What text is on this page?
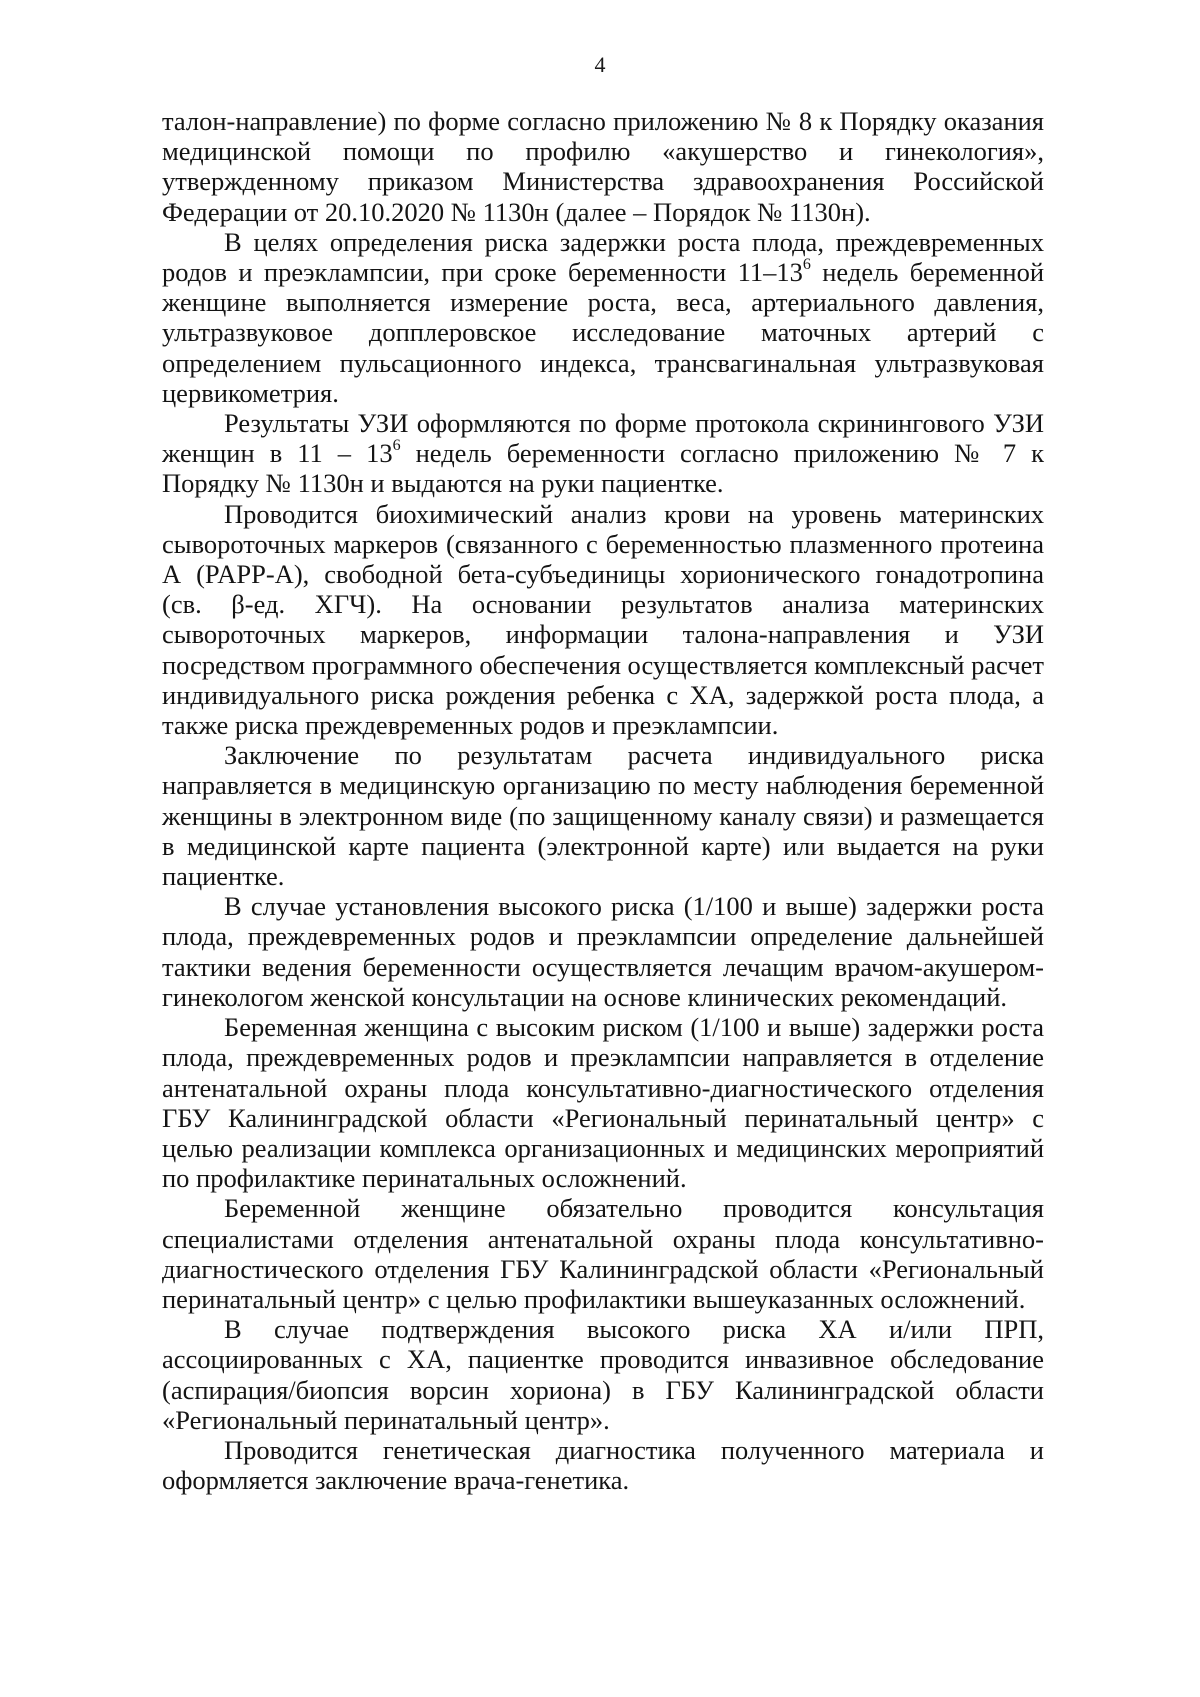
4

талон-направление) по форме согласно приложению № 8 к Порядку оказания медицинской помощи по профилю «акушерство и гинекология», утвержденному приказом Министерства здравоохранения Российской Федерации от 20.10.2020 № 1130н (далее – Порядок № 1130н).

В целях определения риска задержки роста плода, преждевременных родов и преэклампсии, при сроке беременности $11-13^6$ недель беременной женщине выполняется измерение роста, веса, артериального давления, ультразвуковое допплеровское исследование маточных артерий с определением пульсационного индекса, трансвагинальная ультразвуковая цервикометрия.

Результаты УЗИ оформляются по форме протокола скринингового УЗИ женщин в $11 - 13^6$ недель беременности согласно приложению № 7 к Порядку № 1130н и выдаются на руки пациентке.

Проводится биохимический анализ крови на уровень материнских сывороточных маркеров (связанного с беременностью плазменного протеина А (PAPP-A), свободной бета-субъединицы хорионического гонадотропина (св. β-ед. ХГЧ). На основании результатов анализа материнских сывороточных маркеров, информации талона-направления и УЗИ посредством программного обеспечения осуществляется комплексный расчет индивидуального риска рождения ребенка с ХА, задержкой роста плода, а также риска преждевременных родов и преэклампсии.

Заключение по результатам расчета индивидуального риска направляется в медицинскую организацию по месту наблюдения беременной женщины в электронном виде (по защищенному каналу связи) и размещается в медицинской карте пациента (электронной карте) или выдается на руки пациентке.

В случае установления высокого риска (1/100 и выше) задержки роста плода, преждевременных родов и преэклампсии определение дальнейшей тактики ведения беременности осуществляется лечащим врачом-акушером-гинекологом женской консультации на основе клинических рекомендаций.

Беременная женщина с высоким риском (1/100 и выше) задержки роста плода, преждевременных родов и преэклампсии направляется в отделение антенатальной охраны плода консультативно-диагностического отделения ГБУ Калининградской области «Региональный перинатальный центр» с целью реализации комплекса организационных и медицинских мероприятий по профилактике перинатальных осложнений.

Беременной женщине обязательно проводится консультация специалистами отделения антенатальной охраны плода консультативно-диагностического отделения ГБУ Калининградской области «Региональный перинатальный центр» с целью профилактики вышеуказанных осложнений.

В случае подтверждения высокого риска ХА и/или ПРП, ассоциированных с ХА, пациентке проводится инвазивное обследование (аспирация/биопсия ворсин хориона) в ГБУ Калининградской области «Региональный перинатальный центр».

Проводится генетическая диагностика полученного материала и оформляется заключение врача-генетика.
